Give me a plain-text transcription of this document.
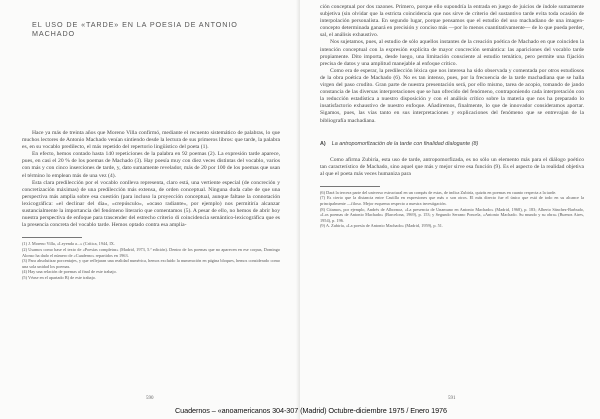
EL USO DE «TARDE» EN LA POESIA DE ANTONIO MACHADO

Hace ya más de treinta años que Moreno Villa confirmó, mediante el recuento sistemático de palabras, lo que muchos lectores de Antonio Machado venían sintiendo desde la lectura de sus primeros libros: que tarde, la palabra es, en su vocablo predilecto, el más repetido del repertorio lingüístico del poeta (1).

En efecto, hemos contado hasta 140 repeticiones de la palabra en 92 poemas (2). La expresión tarde aparece, pues, en casi el 20 % de los poemas de Machado (3). Hay poesía muy con diez veces distintas del vocablo, varios con más y con cinco inserciones de tarde, y, dato sumamente revelador, más de 20 por 100 de los poemas que usan el término lo emplean más de una vez (4).

Esta clara predilección por el vocablo conlleva representa, claro está, una vertiente especial (de concreción y concretización máximas) de una predilección más extensa, de orden conceptual. Ninguna duda cabe de que una perspectiva más amplia sobre esa cuestión (para incluso la proyección conceptual, aunque faltase la connotación lexicográfica: «el declinar del día», «crepúsculo», «ocaso radiante», por ejemplo) nos permitiría alcanzar sustancialmente la importancia del fenómeno literario que comentamos (5). A pesar de ello, no hemos de abrir hoy nuestra perspectiva de enfoque para trascender del estrecho criterio di coincidencia semántico-lexicográfica que es la presencia concreta del vocablo tarde. Hemos optado contra esa amplia-

(1) J. Moreno Villa, «Leyenda a...» (Crítica, 1944, IX.

(2) Usamos como base el texto de «Poesías completas» (Madrid, 1973, 5.ª edición). Dentro de los poemas que no aparecen en ese corpus, Domingo Alonso ha dado el número de «Cuaderno» repartidos en 1963.

(3) Para absolutizar porcentajes, y que reflejaran una realidad numérica, hemos excluido la numeración en página bloques, hemos considerado como una sola unidad los poemas.

(4) Hay una relación de poemas al final de este trabajo.

(5) Véase en el apartado B) de este trabajo.

ción conceptual por dos razones. Primero, porque ello supondría la entrada en juego de juicios de índole sumamente subjetiva (sin olvidar que la estricta coincidencia que nos sirve de criterio del sustantivo tarde evita toda ocasión de interpolación personalista. En segundo lugar, porque pensamos que el estudio del uso machadiano de una imagen-concepto determinada ganará en precisión y conciso más —por lo menos cuantitativamente— de lo que pueda perder, sal, el análisis exhaustivo.

Nos sujetamos, pues, al estudio de sólo aquellos instantes de la creación poética de Machado en que coinciden la intención conceptual con la expresión explícita de mayor concreción semántica: las apariciones del vocablo tarde propiamente. Dito importa, desde luego, una limitación consciente al estudio temático, pero permite una fijación precisa de datos y una amplitud manejable al enfoque crítico.

Como era de esperar, la predilección léxica que nos interesa ha sido observada y comentada por otros estudiosos de la obra poética de Machado (6). No es tan intenso, pues, por la frecuencia de la tarde machadiana que se halla virgen del paso crudito. Gran parte de nuestra presentación será, por ello mismo, tarea de acopio, tomando de jando constancia de las diversas interpretaciones que se han ofrecido del fenómeno, contraponiendo cada interpretación con la reducción estadística a nuestro disposición y con el análisis crítico sobre la materia que nos ha preparado lo insatisfactorio exhaustivo de nuestro enfoque. Añadiremos, finalmente, lo que de innovador consideramos aportar. Sigamos, pues, las vías tanto en sus interpretaciones y explicaciones del fenómeno que se entrevajan de la bibliografía machadiana.

A) La antropomorfización de la tarde con finalidad dialogante (8)

Como afirma Zubiría, esta uso de tarde, antropomorfizada, es no sólo un elemento más para el diálogo poético tan característico de Machado, sino aquel que más y mejor sirve esa función (9). Es el aspecto de la realidad objetiva al que el poeta más veces humaniza para

(6) Dará la tercera parte del universo estructural en un compás de estas, de indica Zubiría, quizás en poemas en cuanto respecta a la tarde.

(7) Es cierto que la distancia entre Castilla en expresiones que más o son otros. El más directo fue el único que está de todo en su alcance la principalmente —filoso. Mejor esquema respecto a nuestra investigación.

(8) Citamos, por ejemplo, Andrés de Albornoz, «La presencia de Unamuno en Antonio Machado» (Madrid, 1968), p. 183; Alberto Sánchez-Barbudo, «Los poemas de Antonio Machado» (Barcelona, 1969), p. 153; y Segundo Serrano Poncela, «Antonio Machado. Su mundo y su obra» (Buenos Aires, 1954), p. 196.

(9) A. Zubiría, «La poesía de Antonio Machado» (Madrid, 1959), p. 51.

590	591
Cuadernos – «anoamericanos 304-307 (Madrid) Octubre-diciembre 1975 / Enero 1976
